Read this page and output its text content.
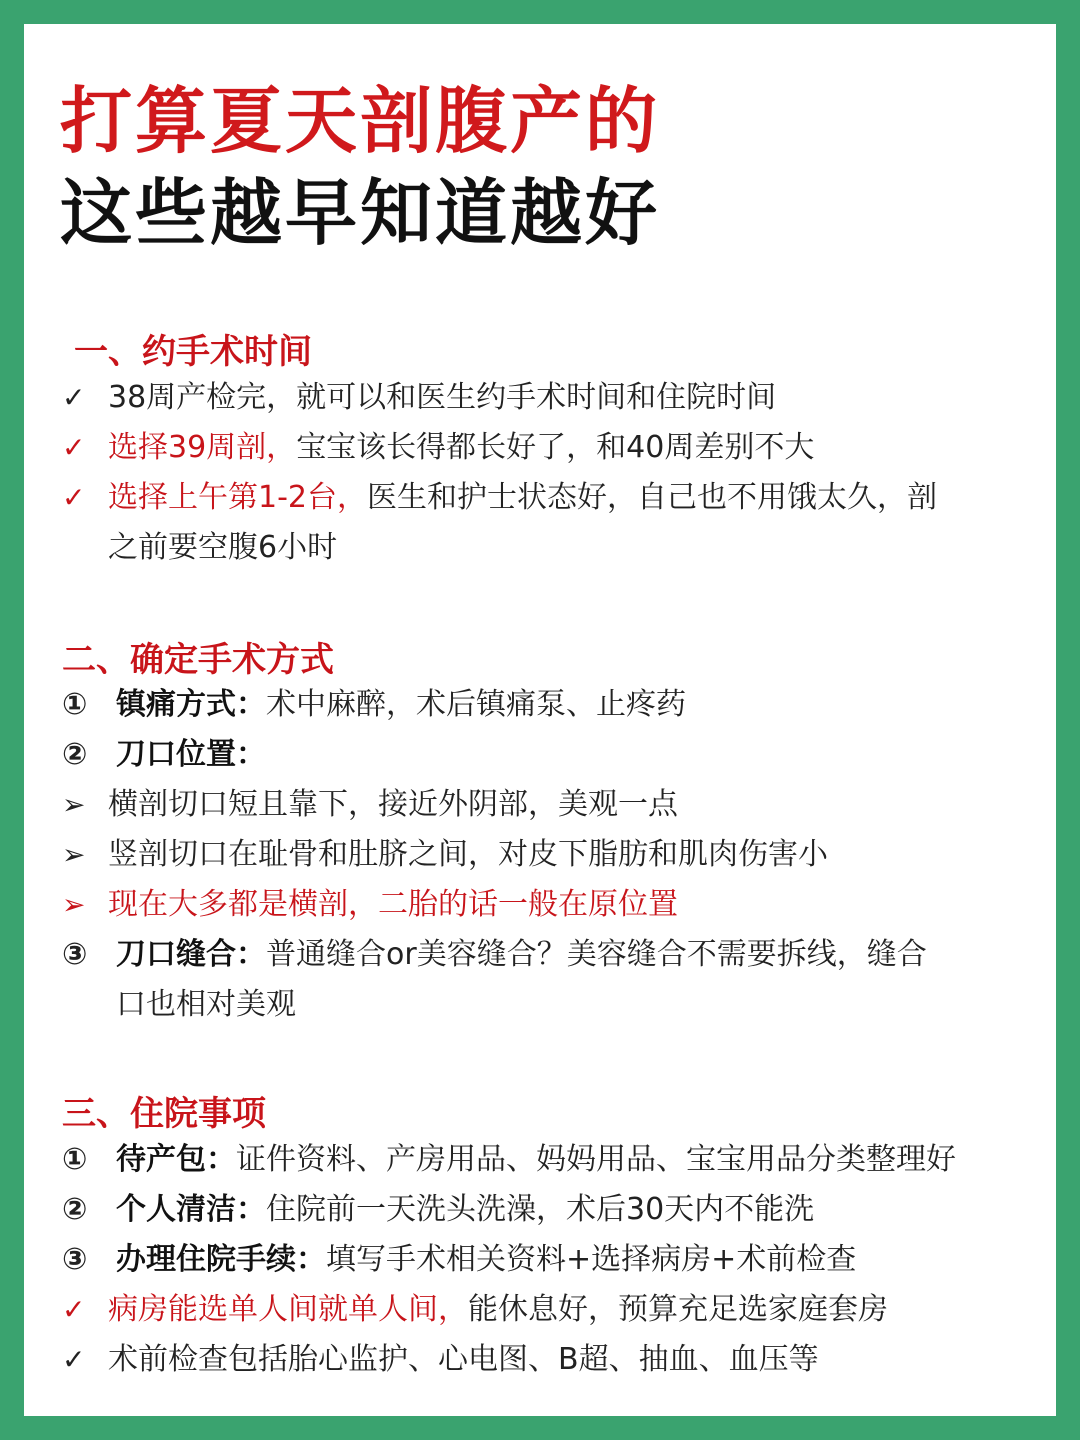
打算夏天剖腹产的
这些越早知道越好
一、约手术时间
✓ 38周产检完，就可以和医生约手术时间和住院时间
✓ 选择39周剖，宝宝该长得都长好了，和40周差别不大
✓ 选择上午第1-2台，医生和护士状态好，自己也不用饿太久，剖
之前要空腹6小时
二、确定手术方式
① 镇痛方式：术中麻醉，术后镇痛泵、止疼药
② 刀口位置：
➢ 横剖切口短且靠下，接近外阴部，美观一点
➢ 竖剖切口在耻骨和肚脐之间，对皮下脂肪和肌肉伤害小
➢ 现在大多都是横剖，二胎的话一般在原位置
③ 刀口缝合：普通缝合or美容缝合？美容缝合不需要拆线，缝合
口也相对美观
三、住院事项
① 待产包：证件资料、产房用品、妈妈用品、宝宝用品分类整理好
② 个人清洁：住院前一天洗头洗澡，术后30天内不能洗
③ 办理住院手续：填写手术相关资料+选择病房+术前检查
✓ 病房能选单人间就单人间，能休息好，预算充足选家庭套房
✓ 术前检查包括胎心监护、心电图、B超、抽血、血压等
